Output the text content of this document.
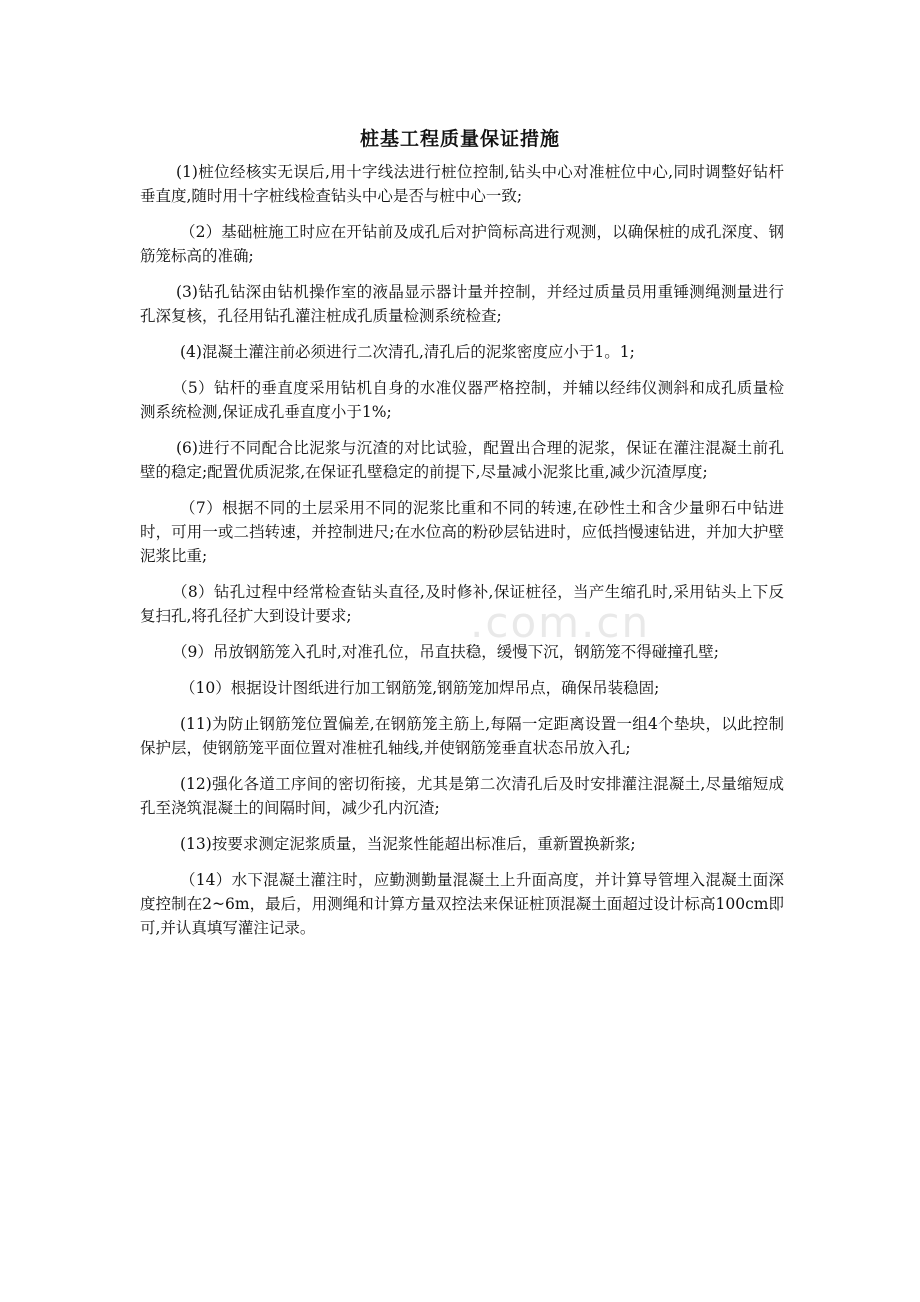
.com.cn
桩基工程质量保证措施

(1)桩位经核实无误后,用十字线法进行桩位控制,钻头中心对准桩位中心,同时调整好钻杆垂直度,随时用十字桩线检查钻头中心是否与桩中心一致;

（2）基础桩施工时应在开钻前及成孔后对护筒标高进行观测，以确保桩的成孔深度、钢筋笼标高的准确;

(3)钻孔钻深由钻机操作室的液晶显示器计量并控制，并经过质量员用重锤测绳测量进行孔深复核，孔径用钻孔灌注桩成孔质量检测系统检查;

(4)混凝土灌注前必须进行二次清孔,清孔后的泥浆密度应小于1。1;

（5）钻杆的垂直度采用钻机自身的水准仪器严格控制，并辅以经纬仪测斜和成孔质量检测系统检测,保证成孔垂直度小于1%;

(6)进行不同配合比泥浆与沉渣的对比试验，配置出合理的泥浆，保证在灌注混凝土前孔壁的稳定;配置优质泥浆,在保证孔壁稳定的前提下,尽量减小泥浆比重,减少沉渣厚度;

（7）根据不同的土层采用不同的泥浆比重和不同的转速,在砂性土和含少量卵石中钻进时，可用一或二挡转速，并控制进尺;在水位高的粉砂层钻进时，应低挡慢速钻进，并加大护壁泥浆比重;

（8）钻孔过程中经常检查钻头直径,及时修补,保证桩径，当产生缩孔时,采用钻头上下反复扫孔,将孔径扩大到设计要求;

（9）吊放钢筋笼入孔时,对准孔位，吊直扶稳，缓慢下沉，钢筋笼不得碰撞孔壁;

（10）根据设计图纸进行加工钢筋笼,钢筋笼加焊吊点，确保吊装稳固;

(11)为防止钢筋笼位置偏差,在钢筋笼主筋上,每隔一定距离设置一组4个垫块，以此控制保护层，使钢筋笼平面位置对准桩孔轴线,并使钢筋笼垂直状态吊放入孔;

(12)强化各道工序间的密切衔接，尤其是第二次清孔后及时安排灌注混凝土,尽量缩短成孔至浇筑混凝土的间隔时间，减少孔内沉渣;

(13)按要求测定泥浆质量，当泥浆性能超出标准后，重新置换新浆;

（14）水下混凝土灌注时，应勤测勤量混凝土上升面高度，并计算导管埋入混凝土面深度控制在2~6m，最后，用测绳和计算方量双控法来保证桩顶混凝土面超过设计标高100cm即可,并认真填写灌注记录。
